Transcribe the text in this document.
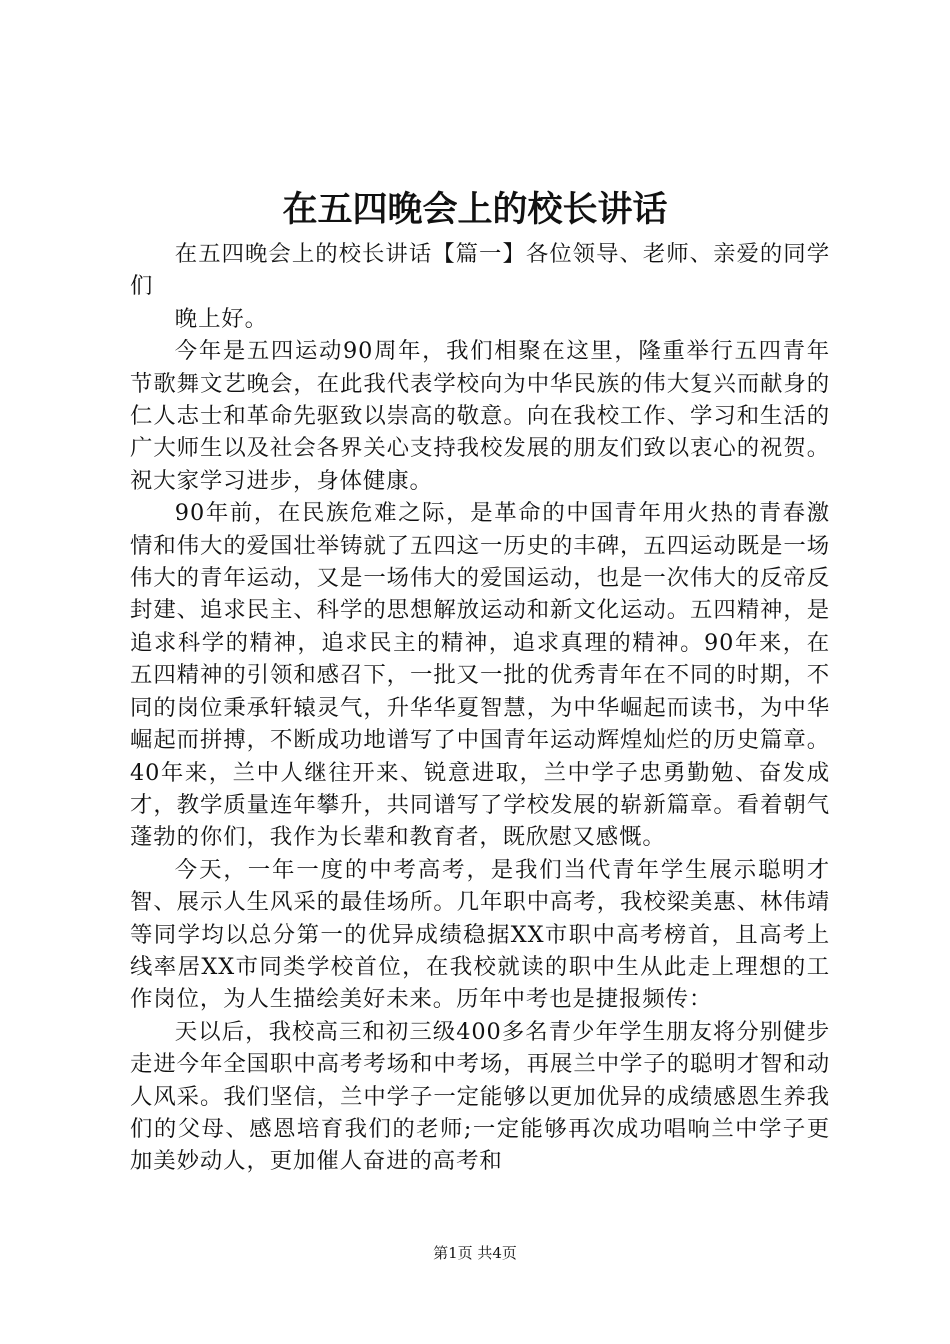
在五四晚会上的校长讲话

在五四晚会上的校长讲话【篇一】各位领导、老师、亲爱的同学们

晚上好。

今年是五四运动90周年，我们相聚在这里，隆重举行五四青年节歌舞文艺晚会，在此我代表学校向为中华民族的伟大复兴而献身的仁人志士和革命先驱致以崇高的敬意。向在我校工作、学习和生活的广大师生以及社会各界关心支持我校发展的朋友们致以衷心的祝贺。祝大家学习进步，身体健康。

90年前，在民族危难之际，是革命的中国青年用火热的青春激情和伟大的爱国壮举铸就了五四这一历史的丰碑，五四运动既是一场伟大的青年运动，又是一场伟大的爱国运动，也是一次伟大的反帝反封建、追求民主、科学的思想解放运动和新文化运动。五四精神，是追求科学的精神，追求民主的精神，追求真理的精神。90年来，在五四精神的引领和感召下，一批又一批的优秀青年在不同的时期，不同的岗位秉承轩辕灵气，升华华夏智慧，为中华崛起而读书，为中华崛起而拼搏，不断成功地谱写了中国青年运动辉煌灿烂的历史篇章。40年来，兰中人继往开来、锐意进取，兰中学子忠勇勤勉、奋发成才，教学质量连年攀升，共同谱写了学校发展的崭新篇章。看着朝气蓬勃的你们，我作为长辈和教育者，既欣慰又感慨。

今天，一年一度的中考高考，是我们当代青年学生展示聪明才智、展示人生风采的最佳场所。几年职中高考，我校梁美惠、林伟靖等同学均以总分第一的优异成绩稳据XX市职中高考榜首，且高考上线率居XX市同类学校首位，在我校就读的职中生从此走上理想的工作岗位，为人生描绘美好未来。历年中考也是捷报频传：

天以后，我校高三和初三级400多名青少年学生朋友将分别健步走进今年全国职中高考考场和中考场，再展兰中学子的聪明才智和动人风采。我们坚信，兰中学子一定能够以更加优异的成绩感恩生养我们的父母、感恩培育我们的老师;一定能够再次成功唱响兰中学子更加美妙动人，更加催人奋进的高考和

第1页 共4页
